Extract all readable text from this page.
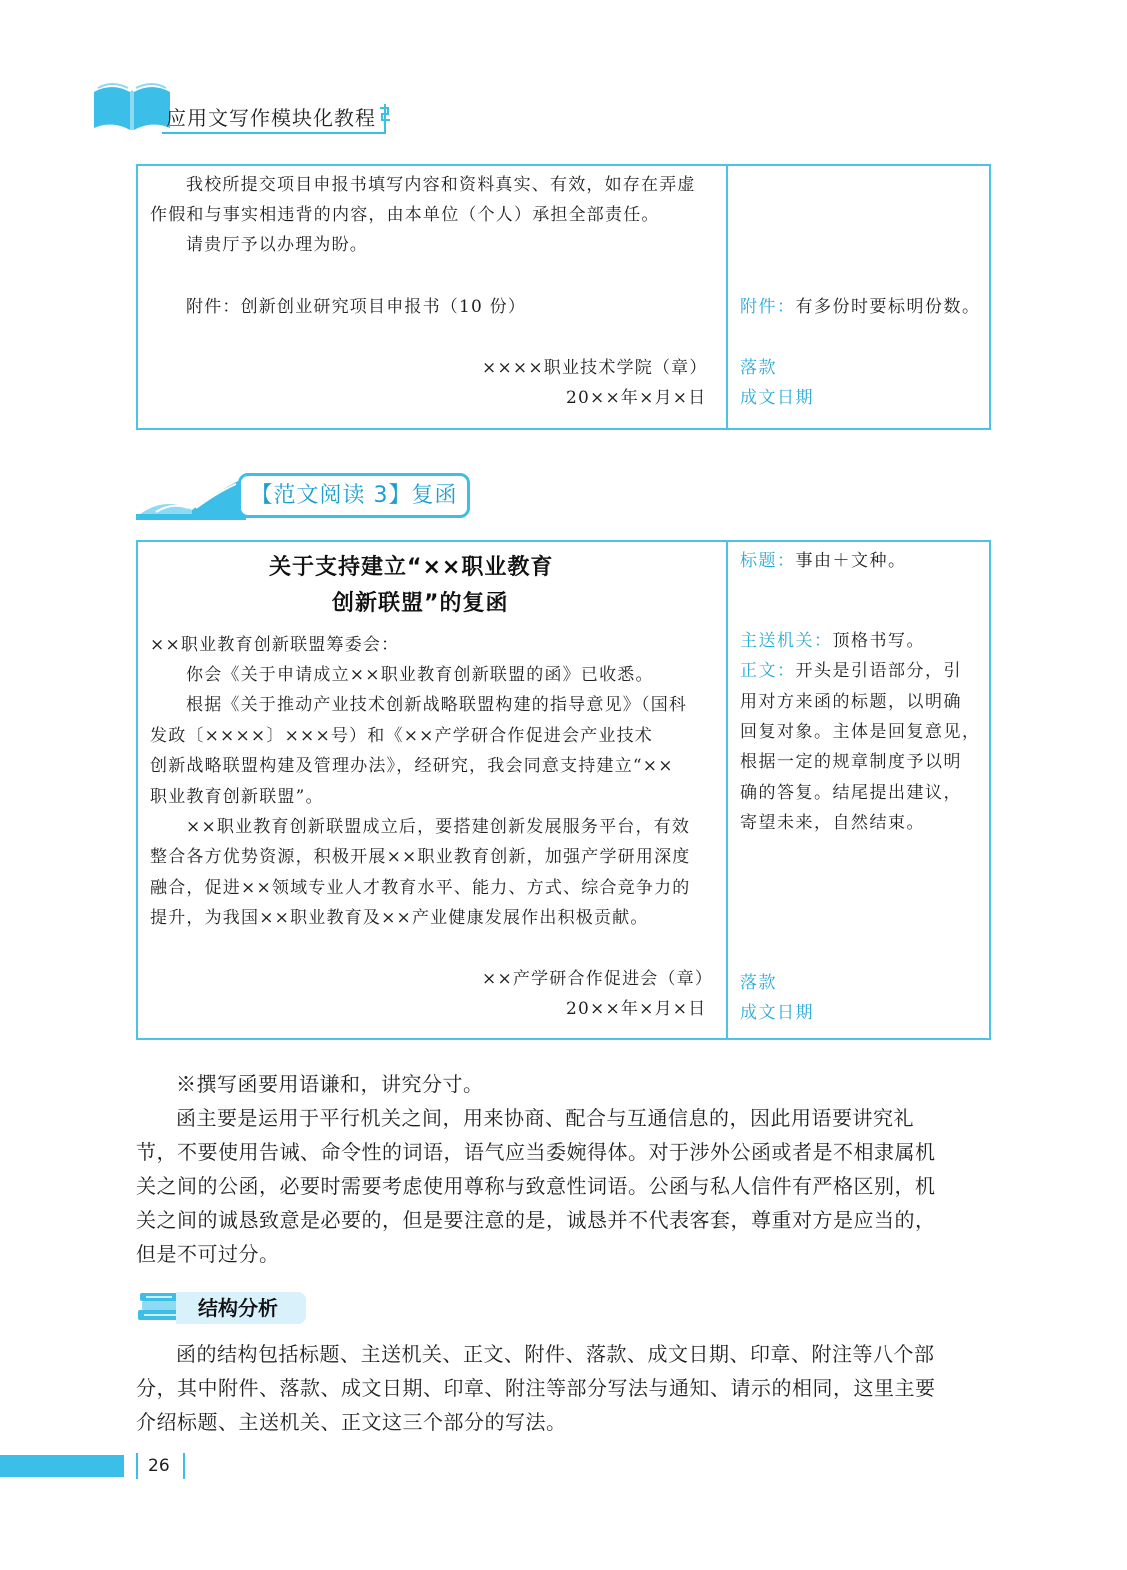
应用文写作模块化教程
我校所提交项目申报书填写内容和资料真实、有效，如存在弄虚
作假和与事实相违背的内容，由本单位（个人）承担全部责任。
请贵厅予以办理为盼。
附件：创新创业研究项目申报书（10 份）
××××职业技术学院（章）
20××年×月×日
附件：有多份时要标明份数。
落款
成文日期
【范文阅读 3】复函
关于支持建立“××职业教育
创新联盟”的复函
××职业教育创新联盟筹委会：
你会《关于申请成立××职业教育创新联盟的函》已收悉。
根据《关于推动产业技术创新战略联盟构建的指导意见》（国科
发政〔××××〕×××号）和《××产学研合作促进会产业技术
创新战略联盟构建及管理办法》，经研究，我会同意支持建立“××
职业教育创新联盟”。
××职业教育创新联盟成立后，要搭建创新发展服务平台，有效
整合各方优势资源，积极开展××职业教育创新，加强产学研用深度
融合，促进××领域专业人才教育水平、能力、方式、综合竞争力的
提升，为我国××职业教育及××产业健康发展作出积极贡献。
××产学研合作促进会（章）
20××年×月×日
标题：事由＋文种。
主送机关：顶格书写。
正文：开头是引语部分，引
用对方来函的标题，以明确
回复对象。主体是回复意见，
根据一定的规章制度予以明
确的答复。结尾提出建议，
寄望未来，自然结束。
落款
成文日期
※撰写函要用语谦和，讲究分寸。
函主要是运用于平行机关之间，用来协商、配合与互通信息的，因此用语要讲究礼
节，不要使用告诫、命令性的词语，语气应当委婉得体。对于涉外公函或者是不相隶属机
关之间的公函，必要时需要考虑使用尊称与致意性词语。公函与私人信件有严格区别，机
关之间的诚恳致意是必要的，但是要注意的是，诚恳并不代表客套，尊重对方是应当的，
但是不可过分。
结构分析
函的结构包括标题、主送机关、正文、附件、落款、成文日期、印章、附注等八个部
分，其中附件、落款、成文日期、印章、附注等部分写法与通知、请示的相同，这里主要
介绍标题、主送机关、正文这三个部分的写法。
26
